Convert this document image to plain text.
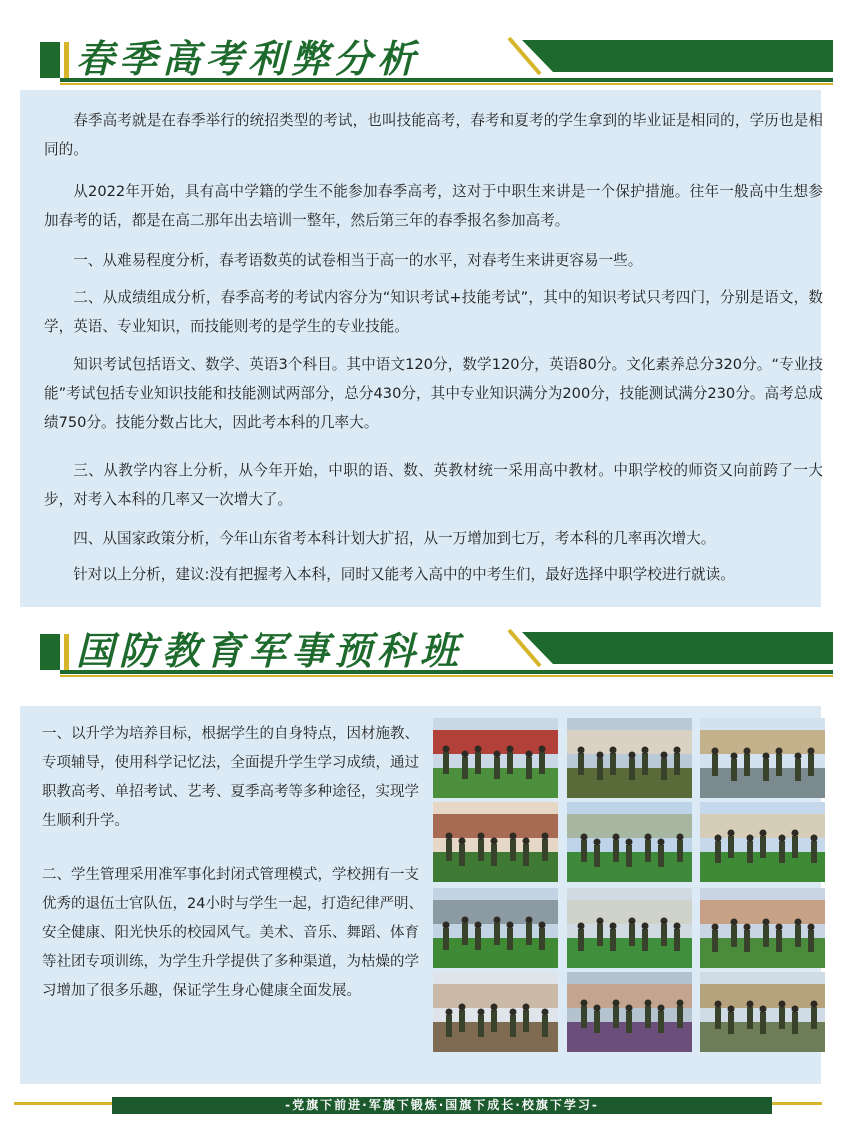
春季高考利弊分析

春季高考就是在春季举行的统招类型的考试，也叫技能高考，春考和夏考的学生拿到的毕业证是相同的，学历也是相同的。

从2022年开始，具有高中学籍的学生不能参加春季高考，这对于中职生来讲是一个保护措施。往年一般高中生想参加春考的话，都是在高二那年出去培训一整年，然后第三年的春季报名参加高考。

一、从难易程度分析，春考语数英的试卷相当于高一的水平，对春考生来讲更容易一些。

二、从成绩组成分析，春季高考的考试内容分为“知识考试+技能考试”，其中的知识考试只考四门，分别是语文，数学，英语、专业知识，而技能则考的是学生的专业技能。

知识考试包括语文、数学、英语3个科目。其中语文120分，数学120分，英语80分。文化素养总分320分。“专业技能”考试包括专业知识技能和技能测试两部分，总分430分，其中专业知识满分为200分，技能测试满分230分。高考总成绩750分。技能分数占比大，因此考本科的几率大。

三、从教学内容上分析，从今年开始，中职的语、数、英教材统一采用高中教材。中职学校的师资又向前跨了一大步，对考入本科的几率又一次增大了。

四、从国家政策分析，今年山东省考本科计划大扩招，从一万增加到七万，考本科的几率再次增大。

针对以上分析，建议:没有把握考入本科，同时又能考入高中的中考生们，最好选择中职学校进行就读。

国防教育军事预科班

一、以升学为培养目标，根据学生的自身特点，因材施教、专项辅导，使用科学记忆法，全面提升学生学习成绩，通过职教高考、单招考试、艺考、夏季高考等多种途径，实现学生顺利升学。

二、学生管理采用准军事化封闭式管理模式，学校拥有一支优秀的退伍士官队伍，24小时与学生一起，打造纪律严明、安全健康、阳光快乐的校园风气。美术、音乐、舞蹈、体育等社团专项训练，为学生升学提供了多种渠道，为枯燥的学习增加了很多乐趣，保证学生身心健康全面发展。

-党旗下前进·军旗下锻炼·国旗下成长·校旗下学习-
